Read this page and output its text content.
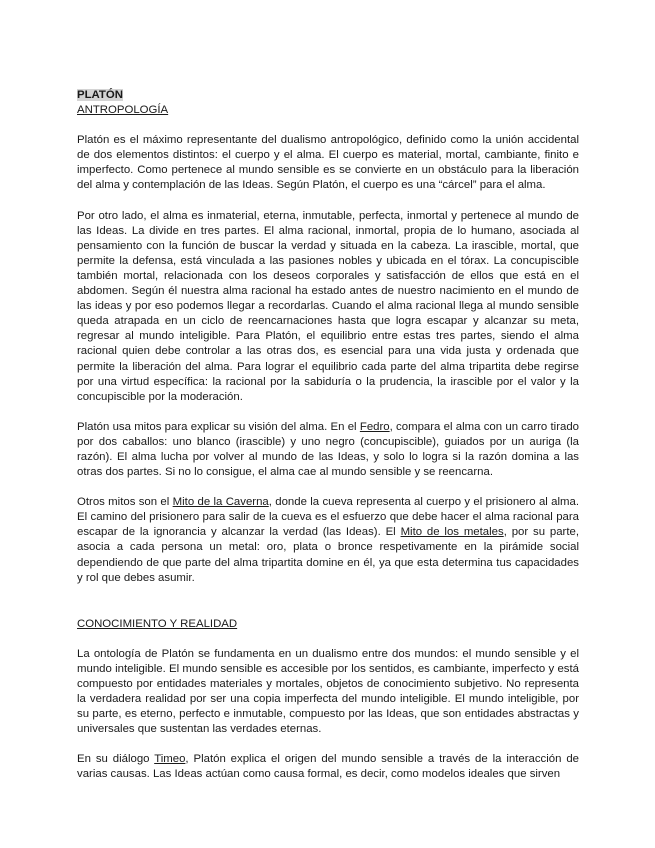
PLATÓN
ANTROPOLOGÍA

Platón es el máximo representante del dualismo antropológico, definido como la unión accidental de dos elementos distintos: el cuerpo y el alma. El cuerpo es material, mortal, cambiante, finito e imperfecto. Como pertenece al mundo sensible es se convierte en un obstáculo para la liberación del alma y contemplación de las Ideas. Según Platón, el cuerpo es una “cárcel” para el alma.

Por otro lado, el alma es inmaterial, eterna, inmutable, perfecta, inmortal y pertenece al mundo de las Ideas. La divide en tres partes. El alma racional, inmortal, propia de lo humano, asociada al pensamiento con la función de buscar la verdad y situada en la cabeza. La irascible, mortal, que permite la defensa, está vinculada a las pasiones nobles y ubicada en el tórax. La concupiscible también mortal, relacionada con los deseos corporales y satisfacción de ellos que está en el abdomen. Según él nuestra alma racional ha estado antes de nuestro nacimiento en el mundo de las ideas y por eso podemos llegar a recordarlas. Cuando el alma racional llega al mundo sensible queda atrapada en un ciclo de reencarnaciones hasta que logra escapar y alcanzar su meta, regresar al mundo inteligible. Para Platón, el equilibrio entre estas tres partes, siendo el alma racional quien debe controlar a las otras dos, es esencial para una vida justa y ordenada que permite la liberación del alma. Para lograr el equilibrio cada parte del alma tripartita debe regirse por una virtud específica: la racional por la sabiduría o la prudencia, la irascible por el valor y la concupiscible por la moderación.

Platón usa mitos para explicar su visión del alma. En el Fedro, compara el alma con un carro tirado por dos caballos: uno blanco (irascible) y uno negro (concupiscible), guiados por un auriga (la razón). El alma lucha por volver al mundo de las Ideas, y solo lo logra si la razón domina a las otras dos partes. Si no lo consigue, el alma cae al mundo sensible y se reencarna.

Otros mitos son el Mito de la Caverna, donde la cueva representa al cuerpo y el prisionero al alma. El camino del prisionero para salir de la cueva es el esfuerzo que debe hacer el alma racional para escapar de la ignorancia y alcanzar la verdad (las Ideas). El Mito de los metales, por su parte, asocia a cada persona un metal: oro, plata o bronce respetivamente en la pirámide social dependiendo de que parte del alma tripartita domine en él, ya que esta determina tus capacidades y rol que debes asumir.

CONOCIMIENTO Y REALIDAD

La ontología de Platón se fundamenta en un dualismo entre dos mundos: el mundo sensible y el mundo inteligible. El mundo sensible es accesible por los sentidos, es cambiante, imperfecto y está compuesto por entidades materiales y mortales, objetos de conocimiento subjetivo. No representa la verdadera realidad por ser una copia imperfecta del mundo inteligible. El mundo inteligible, por su parte, es eterno, perfecto e inmutable, compuesto por las Ideas, que son entidades abstractas y universales que sustentan las verdades eternas.

En su diálogo Timeo, Platón explica el origen del mundo sensible a través de la interacción de varias causas. Las Ideas actúan como causa formal, es decir, como modelos ideales que sirven
